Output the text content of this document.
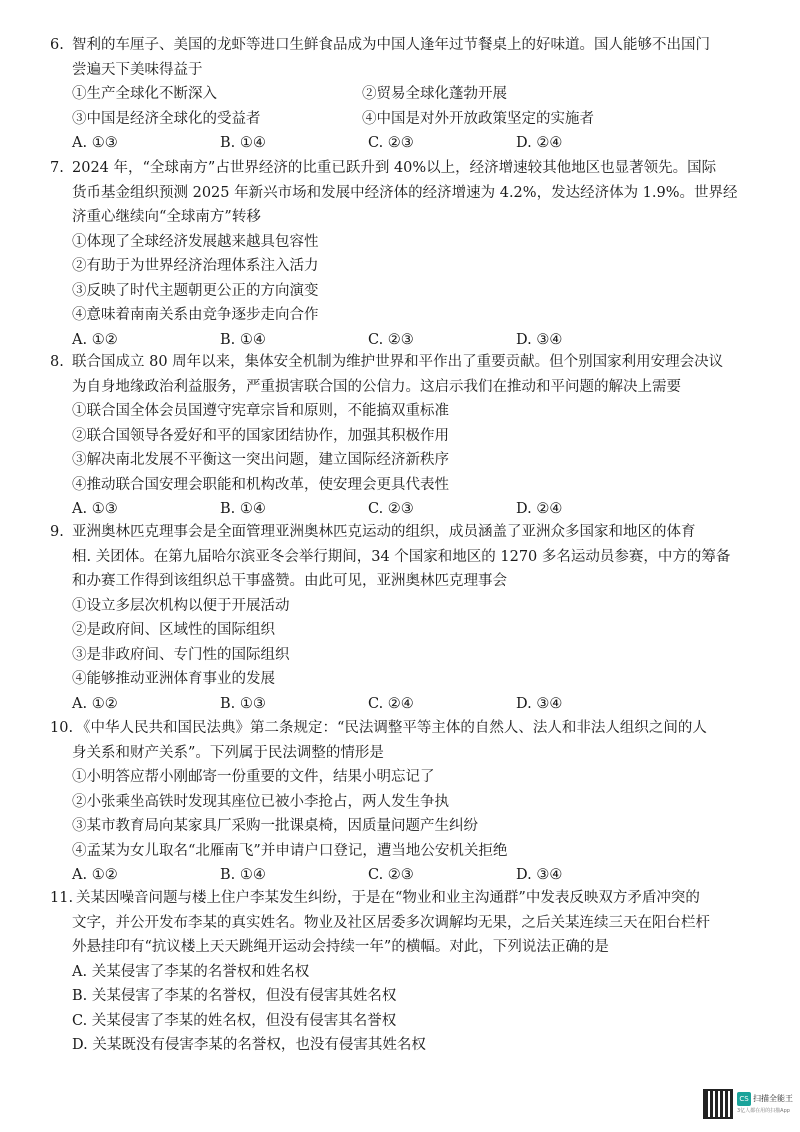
6. 智利的车厘子、美国的龙虾等进口生鲜食品成为中国人逢年过节餐桌上的好味道。国人能够不出国门
尝遍天下美味得益于
①生产全球化不断深入	②贸易全球化蓬勃开展
③中国是经济全球化的受益者	④中国是对外开放政策坚定的实施者
A. ①③	B. ①④	C. ②③	D. ②④
7. 2024 年，“全球南方”占世界经济的比重已跃升到 40%以上，经济增速较其他地区也显著领先。国际
货币基金组织预测 2025 年新兴市场和发展中经济体的经济增速为 4.2%，发达经济体为 1.9%。世界经
济重心继续向“全球南方”转移
①体现了全球经济发展越来越具包容性
②有助于为世界经济治理体系注入活力
③反映了时代主题朝更公正的方向演变
④意味着南南关系由竞争逐步走向合作
A. ①②	B. ①④	C. ②③	D. ③④
8. 联合国成立 80 周年以来，集体安全机制为维护世界和平作出了重要贡献。但个别国家利用安理会决议
为自身地缘政治利益服务，严重损害联合国的公信力。这启示我们在推动和平问题的解决上需要
①联合国全体会员国遵守宪章宗旨和原则，不能搞双重标准
②联合国领导各爱好和平的国家团结协作，加强其积极作用
③解决南北发展不平衡这一突出问题，建立国际经济新秩序
④推动联合国安理会职能和机构改革，使安理会更具代表性
A. ①③	B. ①④	C. ②③	D. ②④
9. 亚洲奥林匹克理事会是全面管理亚洲奥林匹克运动的组织，成员涵盖了亚洲众多国家和地区的体育
相. 关团体。在第九届哈尔滨亚冬会举行期间，34 个国家和地区的 1270 多名运动员参赛，中方的筹备
和办赛工作得到该组织总干事盛赞。由此可见，亚洲奥林匹克理事会
①设立多层次机构以便于开展活动
②是政府间、区域性的国际组织
③是非政府间、专门性的国际组织
④能够推动亚洲体育事业的发展
A. ①②	B. ①③	C. ②④	D. ③④
10. 《中华人民共和国民法典》第二条规定：“民法调整平等主体的自然人、法人和非法人组织之间的人
身关系和财产关系”。下列属于民法调整的情形是
①小明答应帮小刚邮寄一份重要的文件，结果小明忘记了
②小张乘坐高铁时发现其座位已被小李抢占，两人发生争执
③某市教育局向某家具厂采购一批课桌椅，因质量问题产生纠纷
④孟某为女儿取名“北雁南飞”并申请户口登记，遭当地公安机关拒绝
A. ①②	B. ①④	C. ②③	D. ③④
11. 关某因噪音问题与楼上住户李某发生纠纷，于是在“物业和业主沟通群”中发表反映双方矛盾冲突的
文字，并公开发布李某的真实姓名。物业及社区居委多次调解均无果，之后关某连续三天在阳台栏杆
外悬挂印有“抗议楼上天天跳绳开运动会持续一年”的横幅。对此，下列说法正确的是
A. 关某侵害了李某的名誉权和姓名权
B. 关某侵害了李某的名誉权，但没有侵害其姓名权
C. 关某侵害了李某的姓名权，但没有侵害其名誉权
D. 关某既没有侵害李某的名誉权，也没有侵害其姓名权
CS 扫描全能王
3亿人都在用的扫描App
